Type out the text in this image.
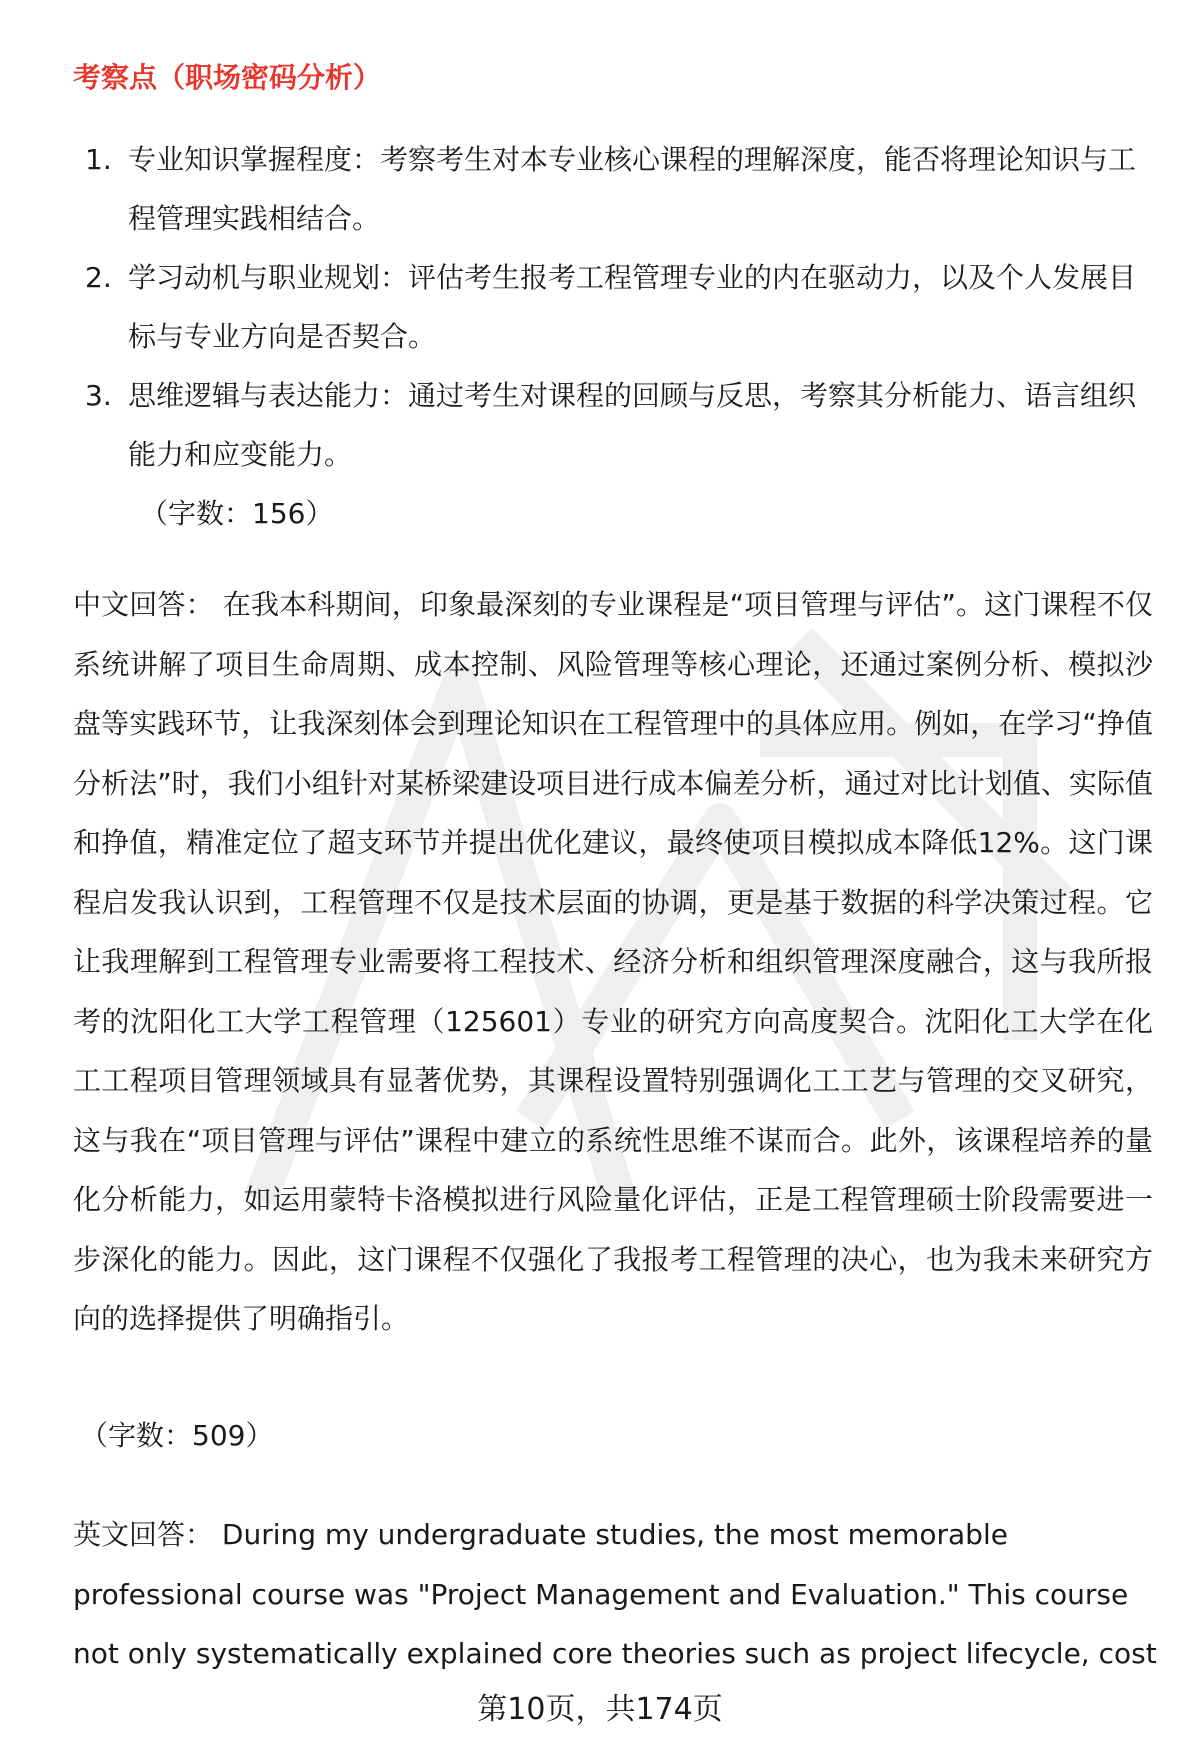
考察点（职场密码分析）
1. 专业知识掌握程度：考察考生对本专业核心课程的理解深度，能否将理论知识与工程管理实践相结合。
2. 学习动机与职业规划：评估考生报考工程管理专业的内在驱动力，以及个人发展目标与专业方向是否契合。
3. 思维逻辑与表达能力：通过考生对课程的回顾与反思，考察其分析能力、语言组织能力和应变能力。

（字数：156）

中文回答： 在我本科期间，印象最深刻的专业课程是“项目管理与评估”。这门课程不仅系统讲解了项目生命周期、成本控制、风险管理等核心理论，还通过案例分析、模拟沙盘等实践环节，让我深刻体会到理论知识在工程管理中的具体应用。例如，在学习“挣值分析法”时，我们小组针对某桥梁建设项目进行成本偏差分析，通过对比计划值、实际值和挣值，精准定位了超支环节并提出优化建议，最终使项目模拟成本降低12%。这门课程启发我认识到，工程管理不仅是技术层面的协调，更是基于数据的科学决策过程。它让我理解到工程管理专业需要将工程技术、经济分析和组织管理深度融合，这与我所报考的沈阳化工大学工程管理（125601）专业的研究方向高度契合。沈阳化工大学在化工工程项目管理领域具有显著优势，其课程设置特别强调化工工艺与管理的交叉研究，这与我在“项目管理与评估”课程中建立的系统性思维不谋而合。此外，该课程培养的量化分析能力，如运用蒙特卡洛模拟进行风险量化评估，正是工程管理硕士阶段需要进一步深化的能力。因此，这门课程不仅强化了我报考工程管理的决心，也为我未来研究方向的选择提供了明确指引。

（字数：509）

英文回答： During my undergraduate studies, the most memorable professional course was "Project Management and Evaluation." This course not only systematically explained core theories such as project lifecycle, cost

第10页，共174页
